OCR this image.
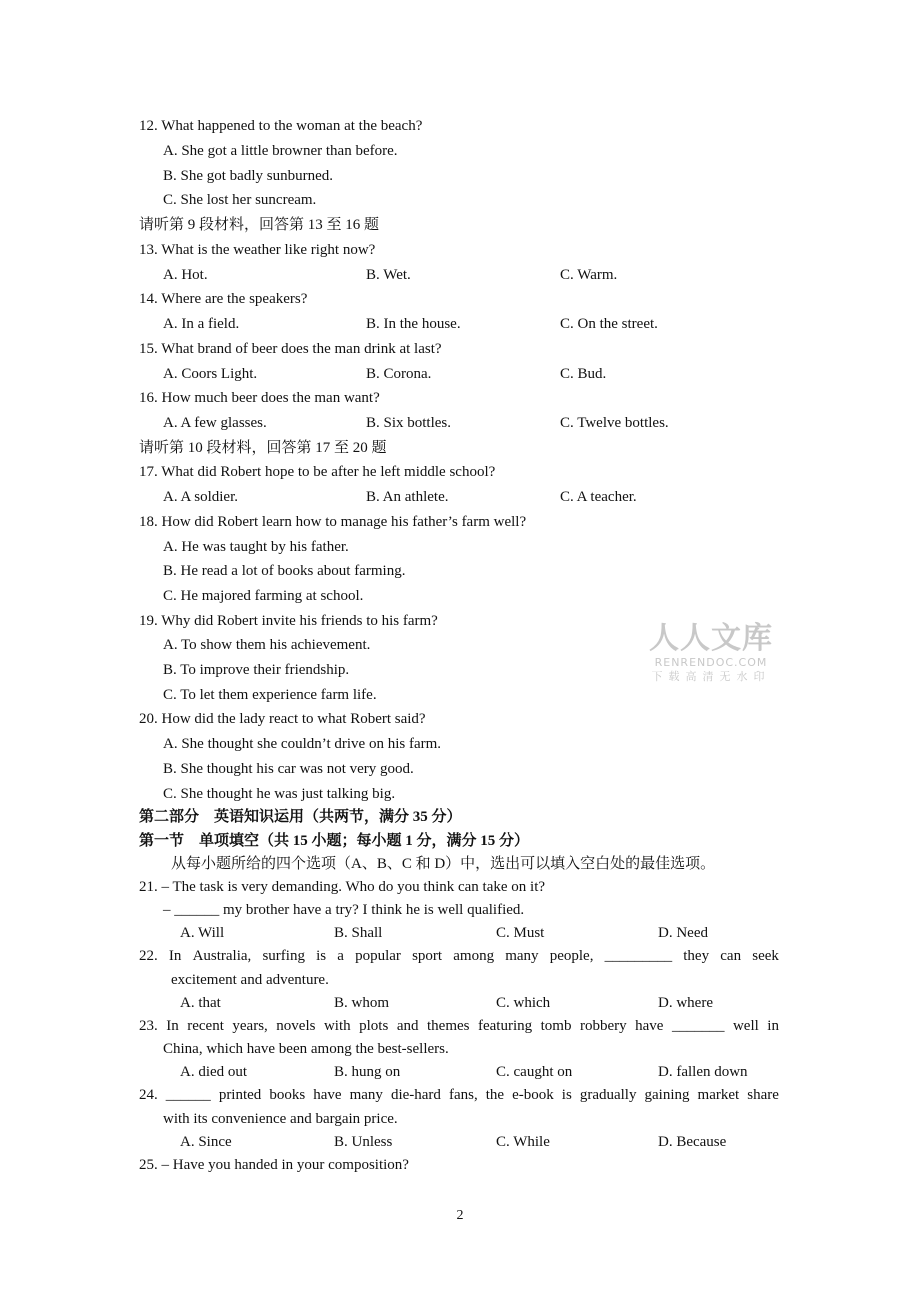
12. What happened to the woman at the beach?
A. She got a little browner than before.
B. She got badly sunburned.
C. She lost her suncream.
请听第 9 段材料，回答第 13 至 16 题
13. What is the weather like right now?
A. Hot.	B. Wet.	C. Warm.
14. Where are the speakers?
A. In a field.	B. In the house.	C. On the street.
15. What brand of beer does the man drink at last?
A. Coors Light.	B. Corona.	C. Bud.
16. How much beer does the man want?
A. A few glasses.	B. Six bottles.	C. Twelve bottles.
请听第 10 段材料，回答第 17 至 20 题
17. What did Robert hope to be after he left middle school?
A. A soldier.	B. An athlete.	C. A teacher.
18. How did Robert learn how to manage his father’s farm well?
A. He was taught by his father.
B. He read a lot of books about farming.
C. He majored farming at school.
19. Why did Robert invite his friends to his farm?
A. To show them his achievement.
B. To improve their friendship.
C. To let them experience farm life.
20. How did the lady react to what Robert said?
A. She thought she couldn’t drive on his farm.
B. She thought his car was not very good.
C. She thought he was just talking big.
第二部分　英语知识运用（共两节，满分 35 分）
第一节　单项填空（共 15 小题；每小题 1 分，满分 15 分）
从每小题所给的四个选项（A、B、C 和 D）中，选出可以填入空白处的最佳选项。
21. – The task is very demanding. Who do you think can take on it?
– ______ my brother have a try? I think he is well qualified.
A. Will	B. Shall	C. Must	D. Need
22. In Australia, surfing is a popular sport among many people, _________ they can seek
excitement and adventure.
A. that	B. whom	C. which	D. where
23. In recent years, novels with plots and themes featuring tomb robbery have _______ well in
China, which have been among the best-sellers.
A. died out	B. hung on	C. caught on	D. fallen down
24. ______ printed books have many die-hard fans, the e-book is gradually gaining market share
with its convenience and bargain price.
A. Since	B. Unless	C. While	D. Because
25. – Have you handed in your composition?
人人文库
RENRENDOC.COM
下载高清无水印
2
